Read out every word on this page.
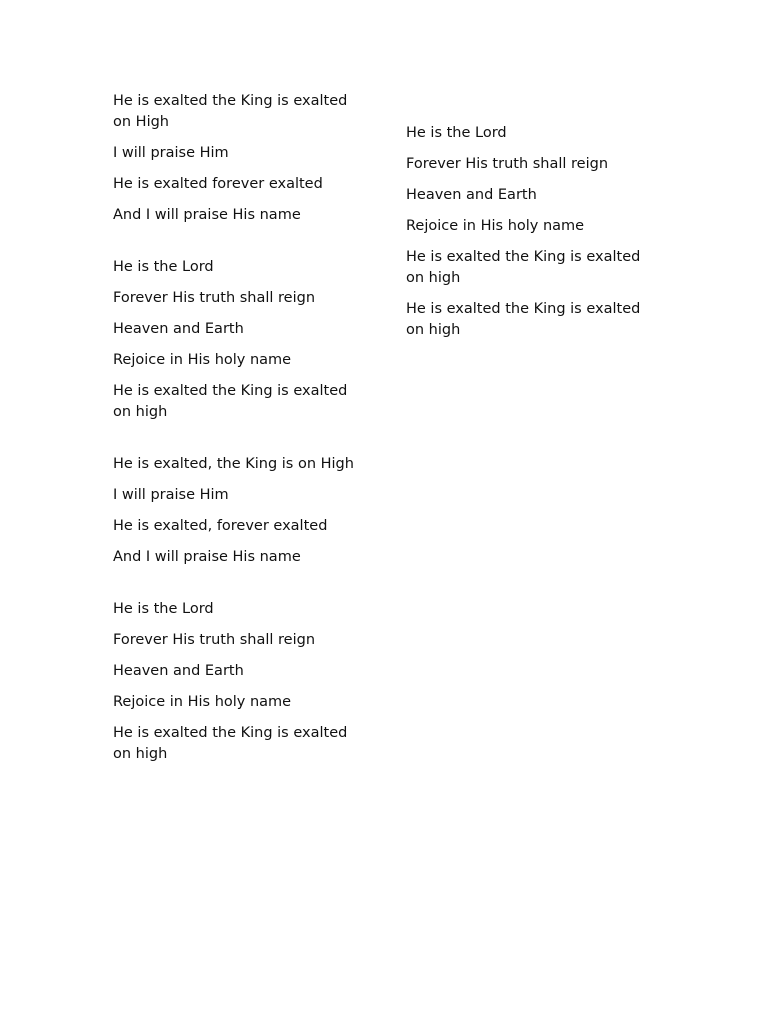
He is exalted the King is exalted on High

I will praise Him

He is exalted forever exalted

And I will praise His name

He is the Lord

Forever His truth shall reign

Heaven and Earth

Rejoice in His holy name

He is exalted the King is exalted on high

He is exalted, the King is on High

I will praise Him

He is exalted, forever exalted

And I will praise His name

He is the Lord

Forever His truth shall reign

Heaven and Earth

Rejoice in His holy name

He is exalted the King is exalted on high

He is the Lord

Forever His truth shall reign

Heaven and Earth

Rejoice in His holy name

He is exalted the King is exalted on high

He is exalted the King is exalted on high
